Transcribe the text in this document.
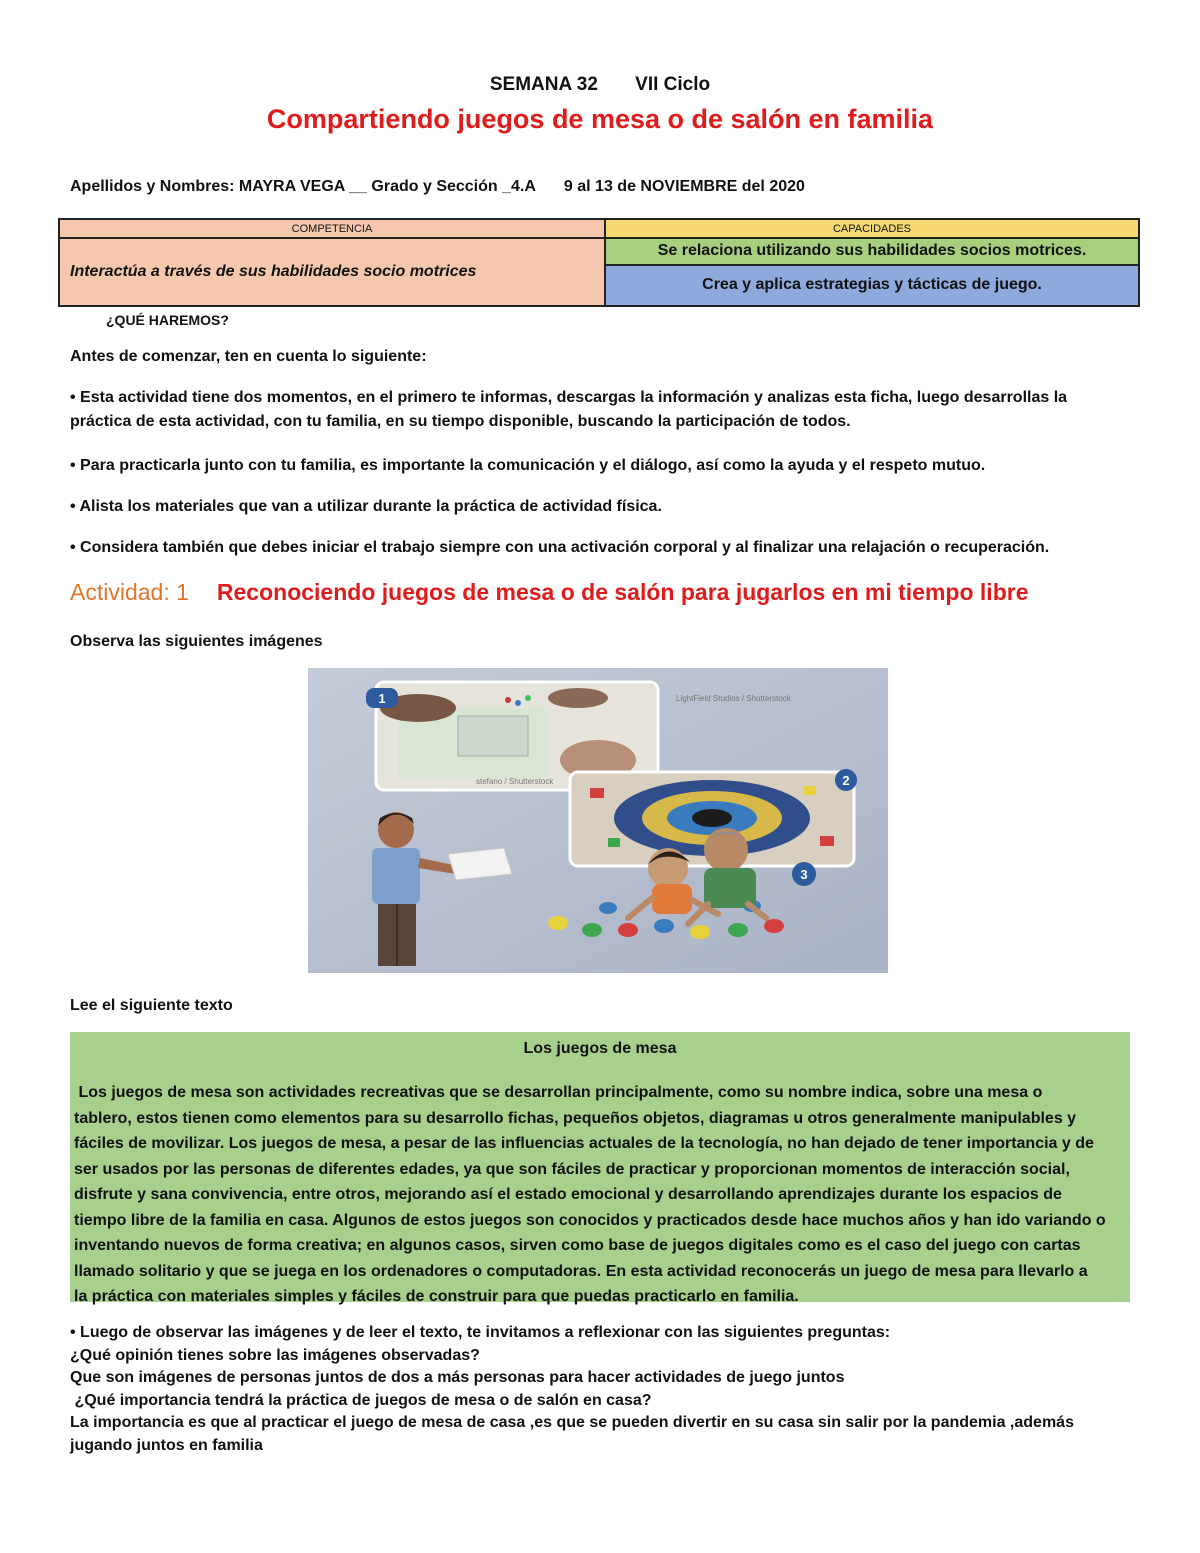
SEMANA 32 VII Ciclo
Compartiendo juegos de mesa o de salón en familia
Apellidos y Nombres: MAYRA VEGA __ Grado y Sección _4.A 9 al 13 de NOVIEMBRE del 2020
COMPETENCIA	CAPACIDADES
Interactúa a través de sus habilidades socio motrices	Se relaciona utilizando sus habilidades socios motrices.
	Crea y aplica estrategias y tácticas de juego.
¿QUÉ HAREMOS?
Antes de comenzar, ten en cuenta lo siguiente:
• Esta actividad tiene dos momentos, en el primero te informas, descargas la información y analizas esta ficha, luego desarrollas la práctica de esta actividad, con tu familia, en su tiempo disponible, buscando la participación de todos.
• Para practicarla junto con tu familia, es importante la comunicación y el diálogo, así como la ayuda y el respeto mutuo.
• Alista los materiales que van a utilizar durante la práctica de actividad física.
• Considera también que debes iniciar el trabajo siempre con una activación corporal y al finalizar una relajación o recuperación.
Actividad: 1 Reconociendo juegos de mesa o de salón para jugarlos en mi tiempo libre
Observa las siguientes imágenes
1	LightField Studios / Shutterstock
2
stefano / Shutterstock
3
Lee el siguiente texto
Los juegos de mesa
Los juegos de mesa son actividades recreativas que se desarrollan principalmente, como su nombre indica, sobre una mesa o
tablero, estos tienen como elementos para su desarrollo fichas, pequeños objetos, diagramas u otros generalmente manipulables y
fáciles de movilizar. Los juegos de mesa, a pesar de las influencias actuales de la tecnología, no han dejado de tener importancia y de
ser usados por las personas de diferentes edades, ya que son fáciles de practicar y proporcionan momentos de interacción social,
disfrute y sana convivencia, entre otros, mejorando así el estado emocional y desarrollando aprendizajes durante los espacios de
tiempo libre de la familia en casa. Algunos de estos juegos son conocidos y practicados desde hace muchos años y han ido variando o
inventando nuevos de forma creativa; en algunos casos, sirven como base de juegos digitales como es el caso del juego con cartas
llamado solitario y que se juega en los ordenadores o computadoras. En esta actividad reconocerás un juego de mesa para llevarlo a
la práctica con materiales simples y fáciles de construir para que puedas practicarlo en familia.
• Luego de observar las imágenes y de leer el texto, te invitamos a reflexionar con las siguientes preguntas:
¿Qué opinión tienes sobre las imágenes observadas?
Que son imágenes de personas juntos de dos a más personas para hacer actividades de juego juntos
¿Qué importancia tendrá la práctica de juegos de mesa o de salón en casa?
La importancia es que al practicar el juego de mesa de casa ,es que se pueden divertir en su casa sin salir por la pandemia ,además
jugando juntos en familia
